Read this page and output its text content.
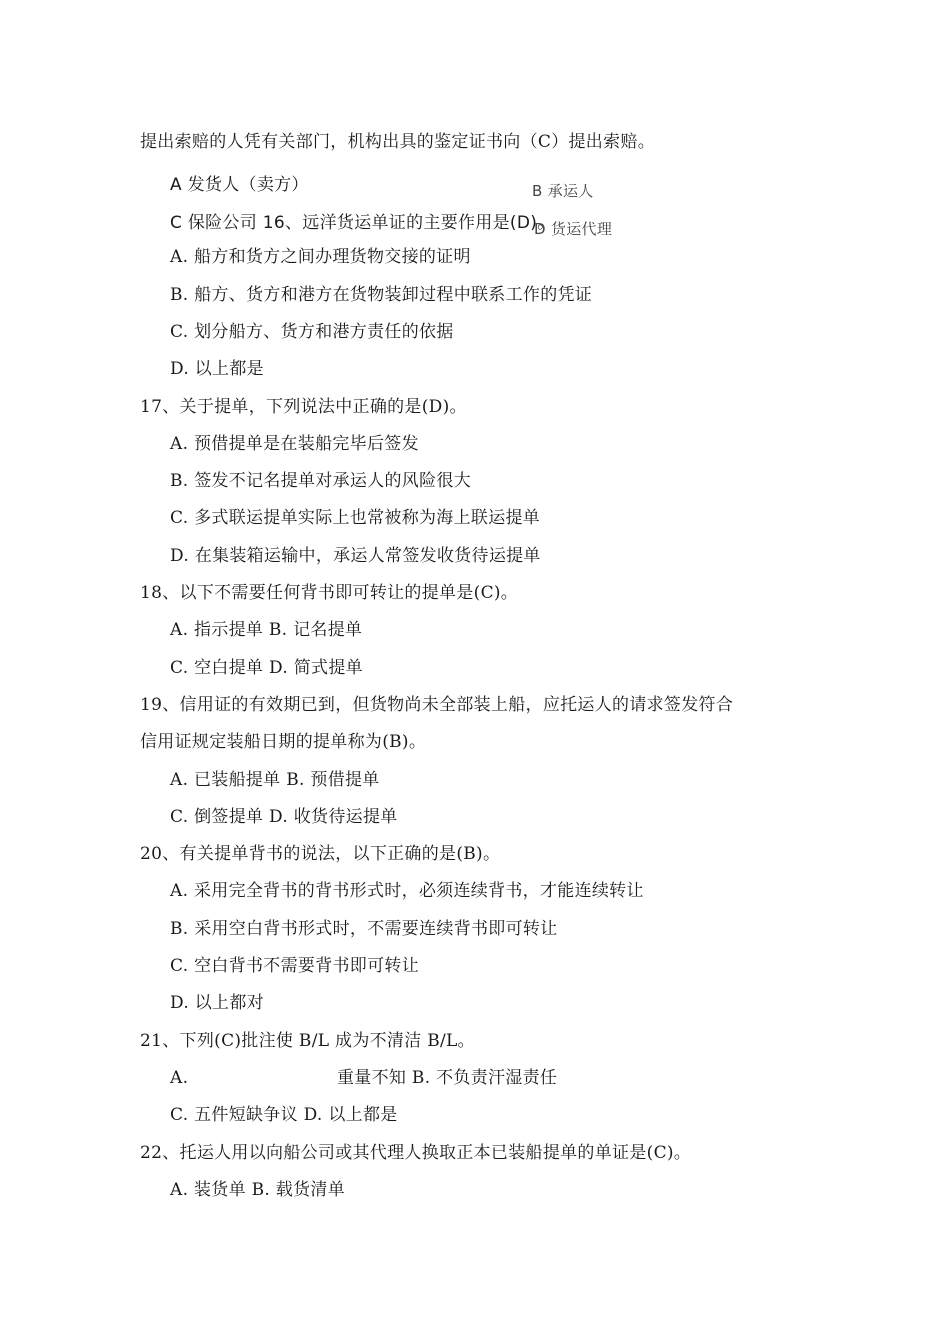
提出索赔的人凭有关部门，机构出具的鉴定证书向（C）提出索赔。
A 发货人（卖方）	B 承运人
C 保险公司 16、远洋货运单证的主要作用是(D)。
D 货运代理
A. 船方和货方之间办理货物交接的证明
B. 船方、货方和港方在货物装卸过程中联系工作的凭证
C. 划分船方、货方和港方责任的依据
D. 以上都是
17、关于提单，下列说法中正确的是(D)。
A. 预借提单是在装船完毕后签发
B. 签发不记名提单对承运人的风险很大
C. 多式联运提单实际上也常被称为海上联运提单
D. 在集装箱运输中，承运人常签发收货待运提单
18、以下不需要任何背书即可转让的提单是(C)。
A. 指示提单 B. 记名提单
C. 空白提单 D. 简式提单
19、信用证的有效期已到，但货物尚未全部装上船，应托运人的请求签发符合
信用证规定装船日期的提单称为(B)。
A. 已装船提单 B. 预借提单
C. 倒签提单 D. 收货待运提单
20、有关提单背书的说法，以下正确的是(B)。
A. 采用完全背书的背书形式时，必须连续背书，才能连续转让
B. 采用空白背书形式时，不需要连续背书即可转让
C. 空白背书不需要背书即可转让
D. 以上都对
21、下列(C)批注使 B/L 成为不清洁 B/L。
A.	重量不知 B. 不负责汗湿责任
C. 五件短缺争议 D. 以上都是
22、托运人用以向船公司或其代理人换取正本已装船提单的单证是(C)。
A. 装货单 B. 载货清单
